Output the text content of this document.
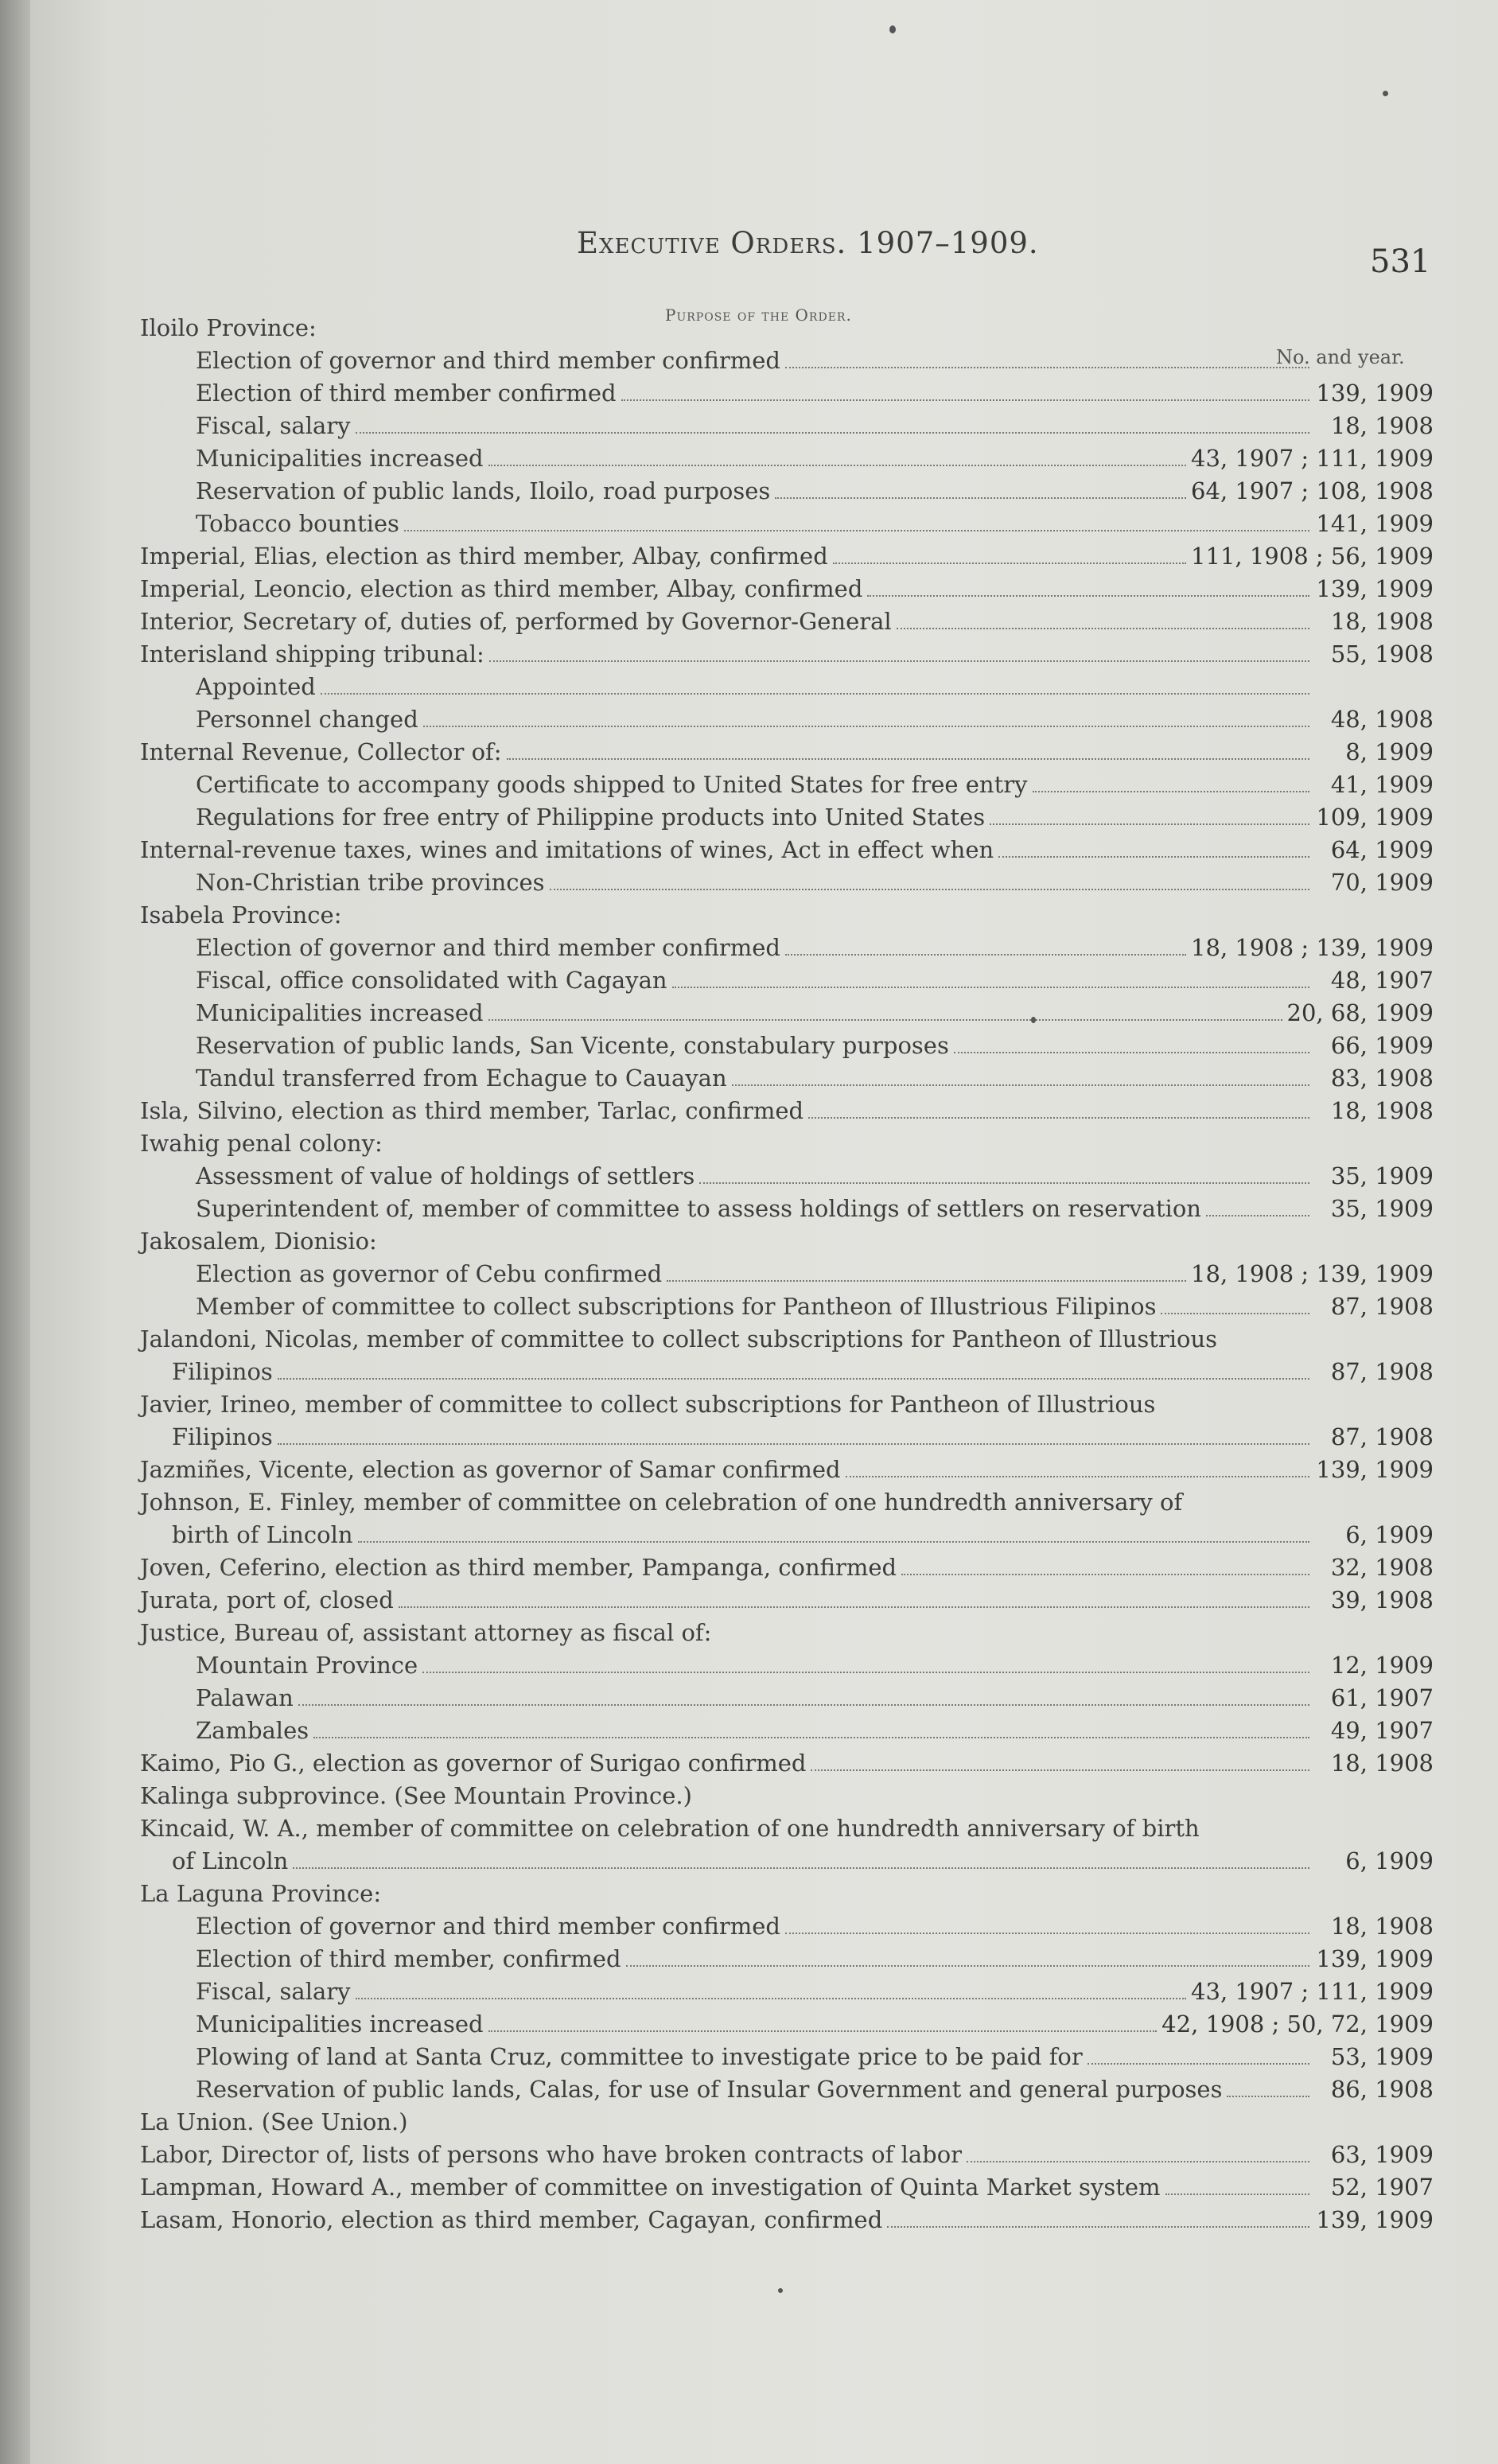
Executive Orders. 1907–1909.
531
Purpose of the Order.
No. and year.
Iloilo Province:
Election of governor and third member confirmed
Election of third member confirmed	139, 1909
Fiscal, salary	18, 1908
Municipalities increased	43, 1907 ; 111, 1909
Reservation of public lands, Iloilo, road purposes	64, 1907 ; 108, 1908
Tobacco bounties	141, 1909
Imperial, Elias, election as third member, Albay, confirmed	111, 1908 ; 56, 1909
Imperial, Leoncio, election as third member, Albay, confirmed	139, 1909
Interior, Secretary of, duties of, performed by Governor-General	18, 1908
Interisland shipping tribunal:	55, 1908
Appointed
Personnel changed	48, 1908
Internal Revenue, Collector of:	8, 1909
Certificate to accompany goods shipped to United States for free entry	41, 1909
Regulations for free entry of Philippine products into United States	109, 1909
Internal-revenue taxes, wines and imitations of wines, Act in effect when	64, 1909
Non-Christian tribe provinces	70, 1909
Isabela Province:
Election of governor and third member confirmed	18, 1908 ; 139, 1909
Fiscal, office consolidated with Cagayan	48, 1907
Municipalities increased	20, 68, 1909
Reservation of public lands, San Vicente, constabulary purposes	66, 1909
Tandul transferred from Echague to Cauayan	83, 1908
Isla, Silvino, election as third member, Tarlac, confirmed	18, 1908
Iwahig penal colony:
Assessment of value of holdings of settlers	35, 1909
Superintendent of, member of committee to assess holdings of settlers on reservation	35, 1909
Jakosalem, Dionisio:
Election as governor of Cebu confirmed	18, 1908 ; 139, 1909
Member of committee to collect subscriptions for Pantheon of Illustrious Filipinos	87, 1908
Jalandoni, Nicolas, member of committee to collect subscriptions for Pantheon of Illustrious
Filipinos	87, 1908
Javier, Irineo, member of committee to collect subscriptions for Pantheon of Illustrious
Filipinos	87, 1908
Jazmiñes, Vicente, election as governor of Samar confirmed	139, 1909
Johnson, E. Finley, member of committee on celebration of one hundredth anniversary of
birth of Lincoln	6, 1909
Joven, Ceferino, election as third member, Pampanga, confirmed	32, 1908
Jurata, port of, closed	39, 1908
Justice, Bureau of, assistant attorney as fiscal of:
Mountain Province	12, 1909
Palawan	61, 1907
Zambales	49, 1907
Kaimo, Pio G., election as governor of Surigao confirmed	18, 1908
Kalinga subprovince. (See Mountain Province.)
Kincaid, W. A., member of committee on celebration of one hundredth anniversary of birth
of Lincoln	6, 1909
La Laguna Province:
Election of governor and third member confirmed	18, 1908
Election of third member, confirmed	139, 1909
Fiscal, salary	43, 1907 ; 111, 1909
Municipalities increased	42, 1908 ; 50, 72, 1909
Plowing of land at Santa Cruz, committee to investigate price to be paid for	53, 1909
Reservation of public lands, Calas, for use of Insular Government and general purposes	86, 1908
La Union. (See Union.)
Labor, Director of, lists of persons who have broken contracts of labor	63, 1909
Lampman, Howard A., member of committee on investigation of Quinta Market system	52, 1907
Lasam, Honorio, election as third member, Cagayan, confirmed	139, 1909
